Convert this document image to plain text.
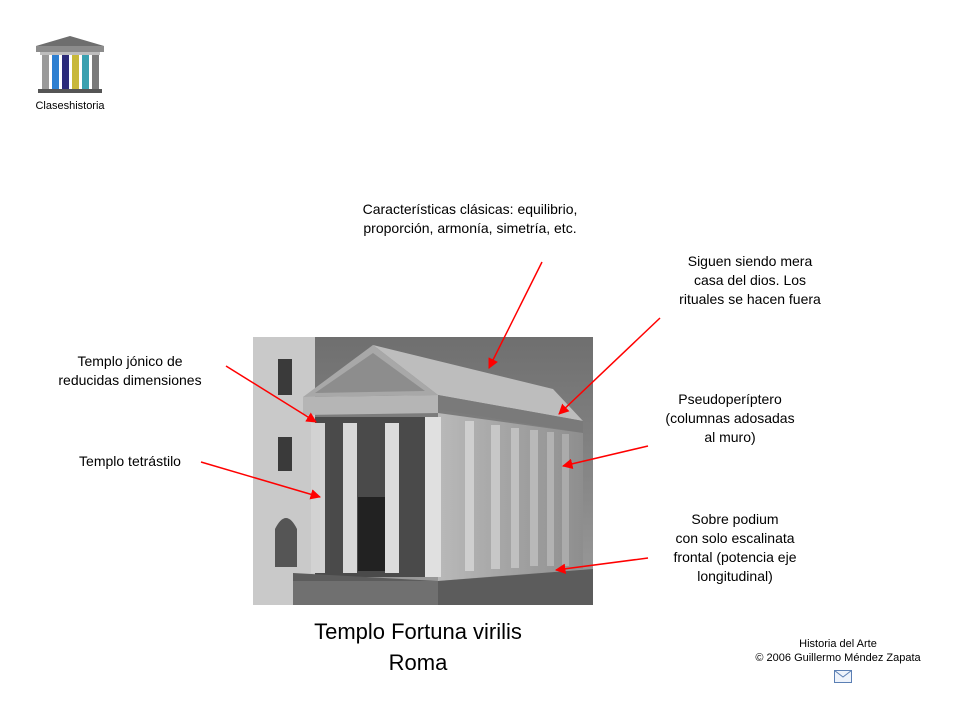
Claseshistoria
Características clásicas: equilibrio,
proporción, armonía, simetría, etc.
Siguen siendo mera
casa del dios. Los
rituales se hacen fuera
Templo jónico de
reducidas dimensiones
Pseudoperíptero
(columnas adosadas
al muro)
Templo tetrástilo
Sobre podium
con solo escalinata
frontal (potencia eje
longitudinal)
Templo Fortuna virilis
Roma
Historia del Arte
© 2006 Guillermo Méndez Zapata
